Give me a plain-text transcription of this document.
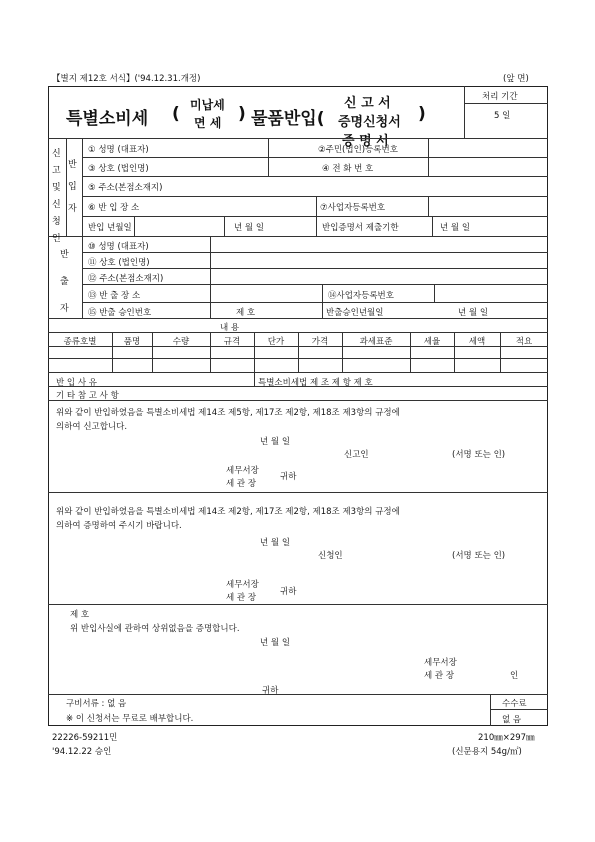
【별지 제12호 서식】('94.12.31.개정)	(앞 면)
특별소비세 ( 미납세
면 세 ) 물품반입(
신 고 서
증명신청서
증 명 서
)
처리 기간
5 일
신고및신청인
반입자
① 성명 (대표자)	②주민(법인)등록번호
③ 상호 (법인명)	④ 전 화 번 호
⑤ 주소(본점소재지)
⑥ 반 입 장 소	⑦사업자등록번호
반입 년월일	년 월 일	반입증명서 제출기한	년 월 일
반출자
⑩ 성명 (대표자)
⑪ 상호 (법인명)
⑫ 주소(본점소재지)
⑬ 반 출 장 소	⑭사업자등록번호
⑮ 반출 승인번호	제 호	반출승인년월일	년 월 일
내 용
종류호별	품명	수량	규격	단가	가격	과세표준	세율	세액	적요
반 입 사 유	특별소비세법 제 조 제 항 제 호
기 타 참 고 사 항
위와 같이 반입하였음을 특별소비세법 제14조 제5항, 제17조 제2항, 제18조 제3항의 규정에
의하여 신고합니다.
년 월 일
신고인	(서명 또는 인)
세무서장
세 관 장
귀하
위와 같이 반입하였음을 특별소비세법 제14조 제2항, 제17조 제2항, 제18조 제3항의 규정에
의하여 증명하여 주시기 바랍니다.
년 월 일
신청인	(서명 또는 인)
세무서장
세 관 장
귀하
제 호
위 반입사실에 관하여 상위없음을 증명합니다.
년 월 일
세무서장
세 관 장	인
귀하
구비서류 : 없 음
※ 이 신청서는 무료로 배부합니다.
수수료
없 음
22226-59211민
'94.12.22 승인
210㎜×297㎜
(신문용지 54g/㎡)
